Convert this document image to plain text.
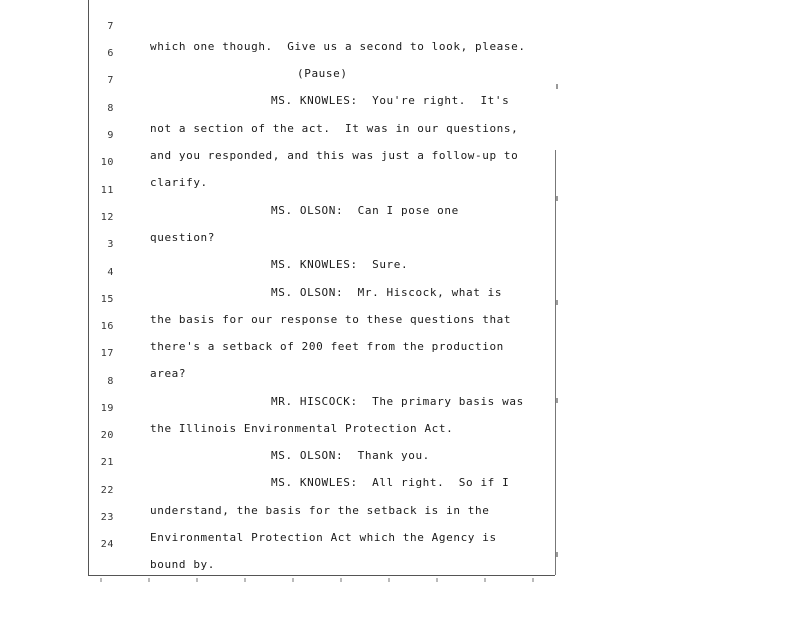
7

which one though.  Give us a second to look, please.

6

(Pause)

7

MS. KNOWLES:  You're right.  It's

8

not a section of the act.  It was in our questions,

9

and you responded, and this was just a follow-up to

10

clarify.

11

MS. OLSON:  Can I pose one

12

question?

3

MS. KNOWLES:  Sure.

4

MS. OLSON:  Mr. Hiscock, what is

15

the basis for our response to these questions that

16

there's a setback of 200 feet from the production

17

area?

8

MR. HISCOCK:  The primary basis was

19

the Illinois Environmental Protection Act.

20

MS. OLSON:  Thank you.

21

MS. KNOWLES:  All right.  So if I

22

understand, the basis for the setback is in the

23

Environmental Protection Act which the Agency is

24

bound by.
